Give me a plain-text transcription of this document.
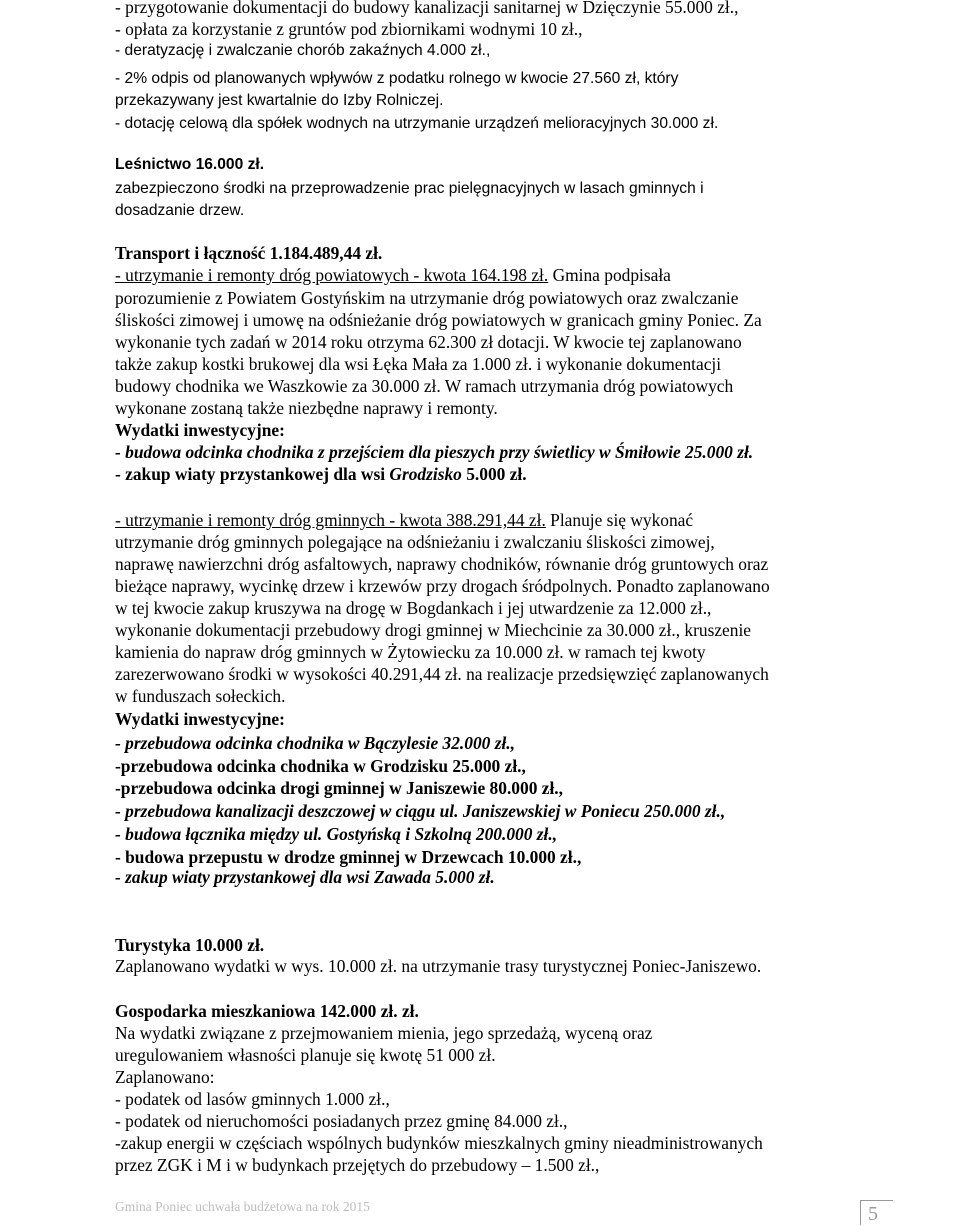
- przygotowanie dokumentacji do budowy kanalizacji sanitarnej w Dzięczynie 55.000 zł.,
- opłata za korzystanie z gruntów pod zbiornikami wodnymi 10 zł.,
- deratyzację i zwalczanie chorób zakaźnych 4.000 zł.,
- 2% odpis od planowanych wpływów z podatku rolnego w kwocie 27.560 zł, który
przekazywany jest kwartalnie do Izby Rolniczej.
- dotację celową dla spółek wodnych na utrzymanie urządzeń melioracyjnych 30.000 zł.
Leśnictwo 16.000 zł.
zabezpieczono środki na przeprowadzenie prac pielęgnacyjnych w lasach gminnych i
dosadzanie drzew.
Transport i łączność 1.184.489,44 zł.
- utrzymanie i remonty dróg powiatowych - kwota 164.198 zł. Gmina podpisała
porozumienie z Powiatem Gostyńskim na utrzymanie dróg powiatowych oraz zwalczanie
śliskości zimowej i umowę na odśnieżanie dróg powiatowych w granicach gminy Poniec. Za
wykonanie tych zadań w 2014 roku otrzyma 62.300 zł dotacji. W kwocie tej zaplanowano
także zakup kostki brukowej dla wsi Łęka Mała za 1.000 zł. i wykonanie dokumentacji
budowy chodnika we Waszkowie za 30.000 zł. W ramach utrzymania dróg powiatowych
wykonane zostaną także niezbędne naprawy i remonty.
Wydatki inwestycyjne:
- budowa odcinka chodnika z przejściem dla pieszych przy świetlicy w Śmiłowie 25.000 zł.
- zakup wiaty przystankowej dla wsi Grodzisko 5.000 zł.
- utrzymanie i remonty dróg gminnych - kwota 388.291,44 zł. Planuje się wykonać
utrzymanie dróg gminnych polegające na odśnieżaniu i zwalczaniu śliskości zimowej,
naprawę nawierzchni dróg asfaltowych, naprawy chodników, równanie dróg gruntowych oraz
bieżące naprawy, wycinkę drzew i krzewów przy drogach śródpolnych. Ponadto zaplanowano
w tej kwocie zakup kruszywa na drogę w Bogdankach i jej utwardzenie za 12.000 zł.,
wykonanie dokumentacji przebudowy drogi gminnej w Miechcinie za 30.000 zł., kruszenie
kamienia do napraw dróg gminnych w Żytowiecku za 10.000 zł. w ramach tej kwoty
zarezerwowano środki w wysokości 40.291,44 zł. na realizacje przedsięwzięć zaplanowanych
w funduszach sołeckich.
Wydatki inwestycyjne:
- przebudowa odcinka chodnika w Bączylesie 32.000 zł.,
-przebudowa odcinka chodnika w Grodzisku 25.000 zł.,
-przebudowa odcinka drogi gminnej w Janiszewie 80.000 zł.,
- przebudowa kanalizacji deszczowej w ciągu ul. Janiszewskiej w Poniecu 250.000 zł.,
- budowa łącznika między ul. Gostyńską i Szkolną 200.000 zł.,
- budowa przepustu w drodze gminnej w Drzewcach 10.000 zł.,
- zakup wiaty przystankowej dla wsi Zawada 5.000 zł.
Turystyka 10.000 zł.
Zaplanowano wydatki w wys. 10.000 zł. na utrzymanie trasy turystycznej Poniec-Janiszewo.
Gospodarka mieszkaniowa 142.000 zł. zł.
Na wydatki związane z przejmowaniem mienia, jego sprzedażą, wyceną oraz
uregulowaniem własności planuje się kwotę 51 000 zł.
Zaplanowano:
- podatek od lasów gminnych 1.000 zł.,
- podatek od nieruchomości posiadanych przez gminę 84.000 zł.,
-zakup energii w częściach wspólnych budynków mieszkalnych gminy nieadministrowanych
przez ZGK i M i w budynkach przejętych do przebudowy – 1.500 zł.,
Gmina Poniec uchwała budżetowa na rok 2015	5
